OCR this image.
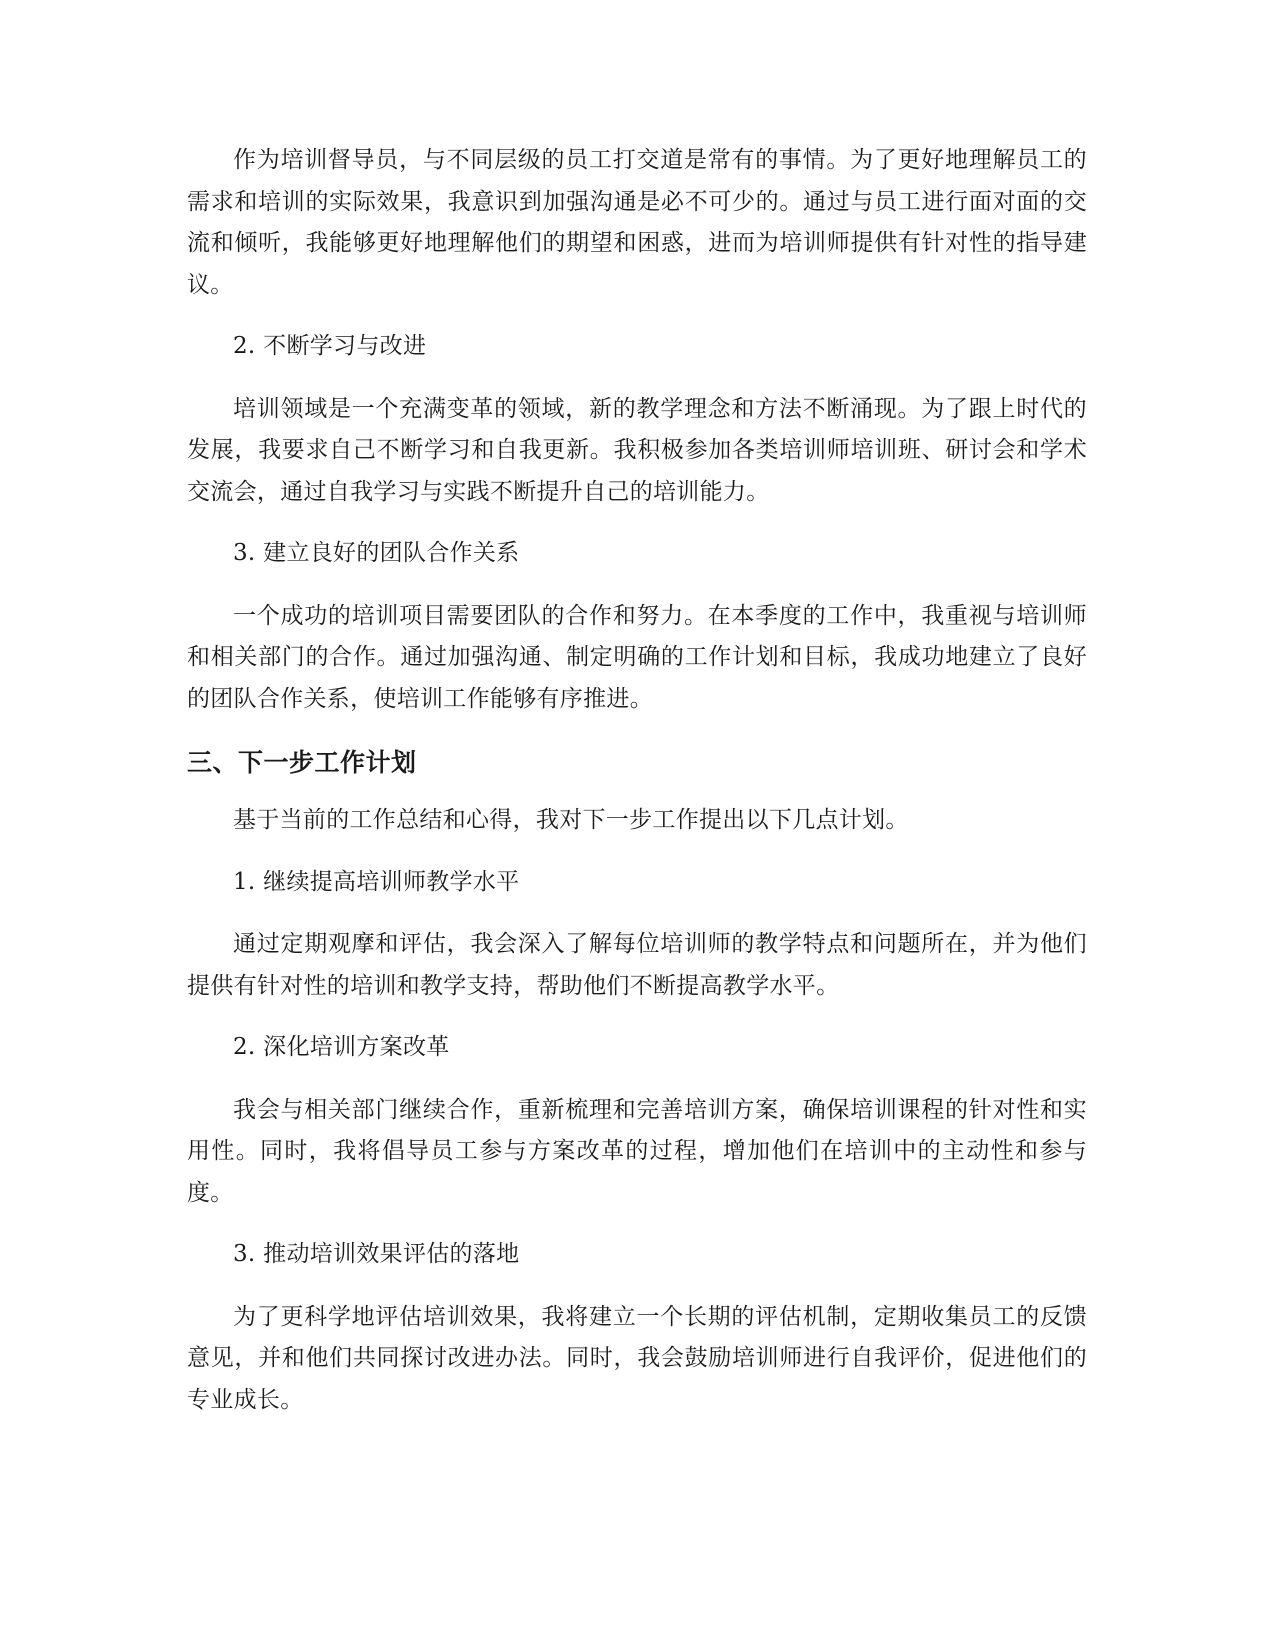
作为培训督导员，与不同层级的员工打交道是常有的事情。为了更好地理解员工的需求和培训的实际效果，我意识到加强沟通是必不可少的。通过与员工进行面对面的交流和倾听，我能够更好地理解他们的期望和困惑，进而为培训师提供有针对性的指导建议。

2. 不断学习与改进

培训领域是一个充满变革的领域，新的教学理念和方法不断涌现。为了跟上时代的发展，我要求自己不断学习和自我更新。我积极参加各类培训师培训班、研讨会和学术交流会，通过自我学习与实践不断提升自己的培训能力。

3. 建立良好的团队合作关系

一个成功的培训项目需要团队的合作和努力。在本季度的工作中，我重视与培训师和相关部门的合作。通过加强沟通、制定明确的工作计划和目标，我成功地建立了良好的团队合作关系，使培训工作能够有序推进。

三、下一步工作计划

基于当前的工作总结和心得，我对下一步工作提出以下几点计划。

1. 继续提高培训师教学水平

通过定期观摩和评估，我会深入了解每位培训师的教学特点和问题所在，并为他们提供有针对性的培训和教学支持，帮助他们不断提高教学水平。

2. 深化培训方案改革

我会与相关部门继续合作，重新梳理和完善培训方案，确保培训课程的针对性和实用性。同时，我将倡导员工参与方案改革的过程，增加他们在培训中的主动性和参与度。

3. 推动培训效果评估的落地

为了更科学地评估培训效果，我将建立一个长期的评估机制，定期收集员工的反馈意见，并和他们共同探讨改进办法。同时，我会鼓励培训师进行自我评价，促进他们的专业成长。
